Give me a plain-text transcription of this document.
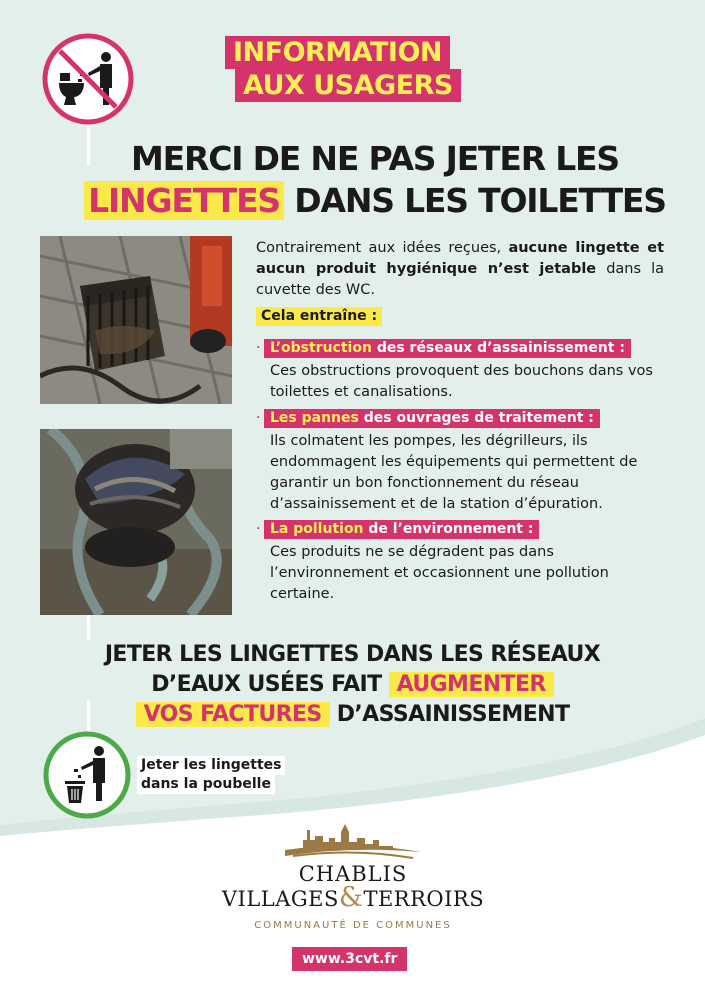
INFORMATION
AUX USAGERS
MERCI DE NE PAS JETER LES
LINGETTES DANS LES TOILETTES
Contrairement aux idées reçues, aucune lingette et aucun produit hygiénique n’est jetable dans la cuvette des WC.
Cela entraîne :
· L’obstruction des réseaux d’assainissement :
Ces obstructions provoquent des bouchons dans vos toilettes et canalisations.
· Les pannes des ouvrages de traitement :
Ils colmatent les pompes, les dégrilleurs, ils endommagent les équipements qui permettent de garantir un bon fonctionnement du réseau d’assainissement et de la station d’épuration.
· La pollution de l’environnement :
Ces produits ne se dégradent pas dans l’environnement et occasionnent une pollution certaine.
JETER LES LINGETTES DANS LES RÉSEAUX
D’EAUX USÉES FAIT AUGMENTER
VOS FACTURES D’ASSAINISSEMENT
Jeter les lingettes
dans la poubelle
CHABLIS
VILLAGES&TERROIRS
COMMUNAUTÉ DE COMMUNES
www.3cvt.fr
